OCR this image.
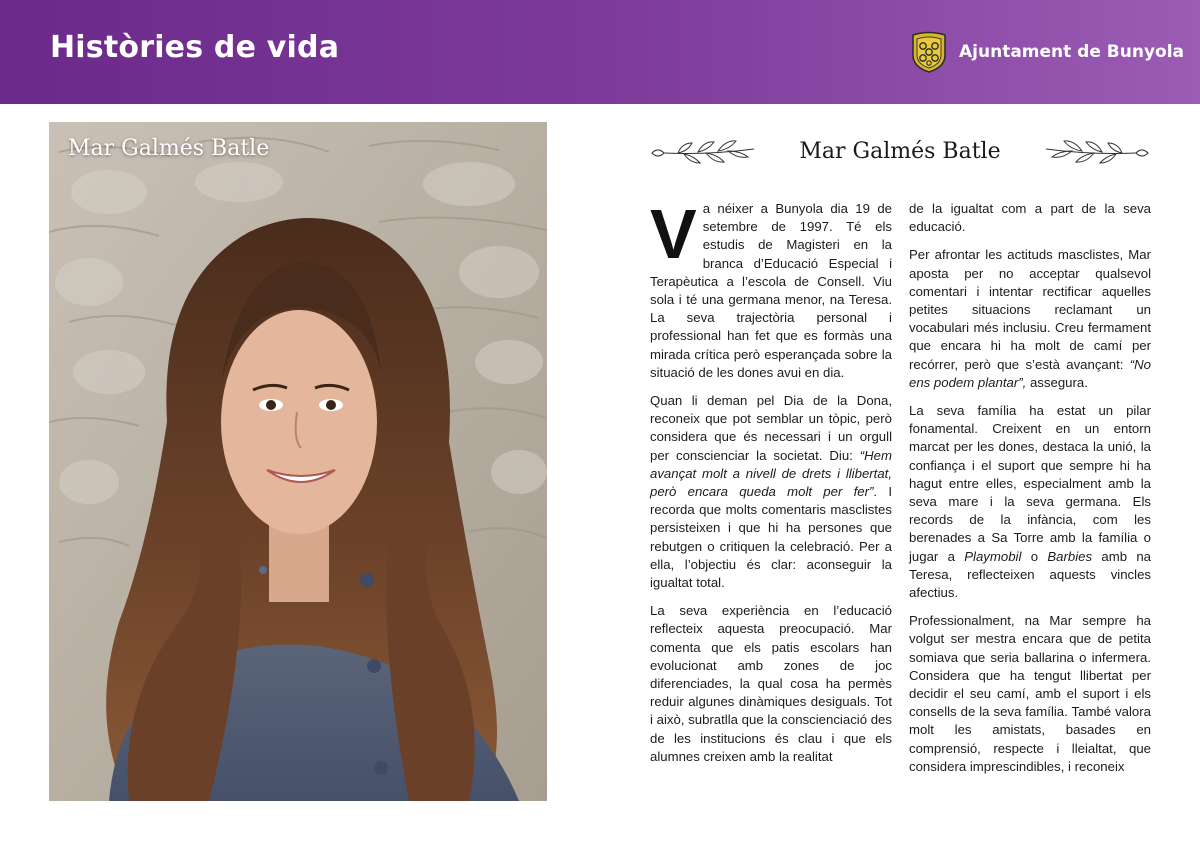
Històries de vida	Ajuntament de Bunyola

Mar Galmés Batle	Mar Galmés Batle

Va néixer a Bunyola dia 19 de setembre de 1997. Té els estudis de Magisteri en la branca d’Educació Especial i Terapèutica a l’escola de Consell. Viu sola i té una germana menor, na Teresa. La seva trajectòria personal i professional han fet que es formàs una mirada crítica però esperançada sobre la situació de les dones avui en dia.

Quan li deman pel Dia de la Dona, reconeix que pot semblar un tòpic, però considera que és necessari i un orgull per conscienciar la societat. Diu: “Hem avançat molt a nivell de drets i llibertat, però encara queda molt per fer”. I recorda que molts comentaris masclistes persisteixen i que hi ha persones que rebutgen o critiquen la celebració. Per a ella, l’objectiu és clar: aconseguir la igualtat total.

La seva experiència en l’educació reflecteix aquesta preocupació. Mar comenta que els patis escolars han evolucionat amb zones de joc diferenciades, la qual cosa ha permès reduir algunes dinàmiques desiguals. Tot i això, subratlla que la conscienciació des de les institucions és clau i que els alumnes creixen amb la realitat

de la igualtat com a part de la seva educació.

Per afrontar les actituds masclistes, Mar aposta per no acceptar qualsevol comentari i intentar rectificar aquelles petites situacions reclamant un vocabulari més inclusiu. Creu fermament que encara hi ha molt de camí per recórrer, però que s’està avançant: “No ens podem plantar”, assegura.

La seva família ha estat un pilar fonamental. Creixent en un entorn marcat per les dones, destaca la unió, la confiança i el suport que sempre hi ha hagut entre elles, especialment amb la seva mare i la seva germana. Els records de la infància, com les berenades a Sa Torre amb la família o jugar a Playmobil o Barbies amb na Teresa, reflecteixen aquests vincles afectius.

Professionalment, na Mar sempre ha volgut ser mestra encara que de petita somiava que seria ballarina o infermera. Considera que ha tengut llibertat per decidir el seu camí, amb el suport i els consells de la seva família. També valora molt les amistats, basades en comprensió, respecte i lleialtat, que considera imprescindibles, i reconeix
